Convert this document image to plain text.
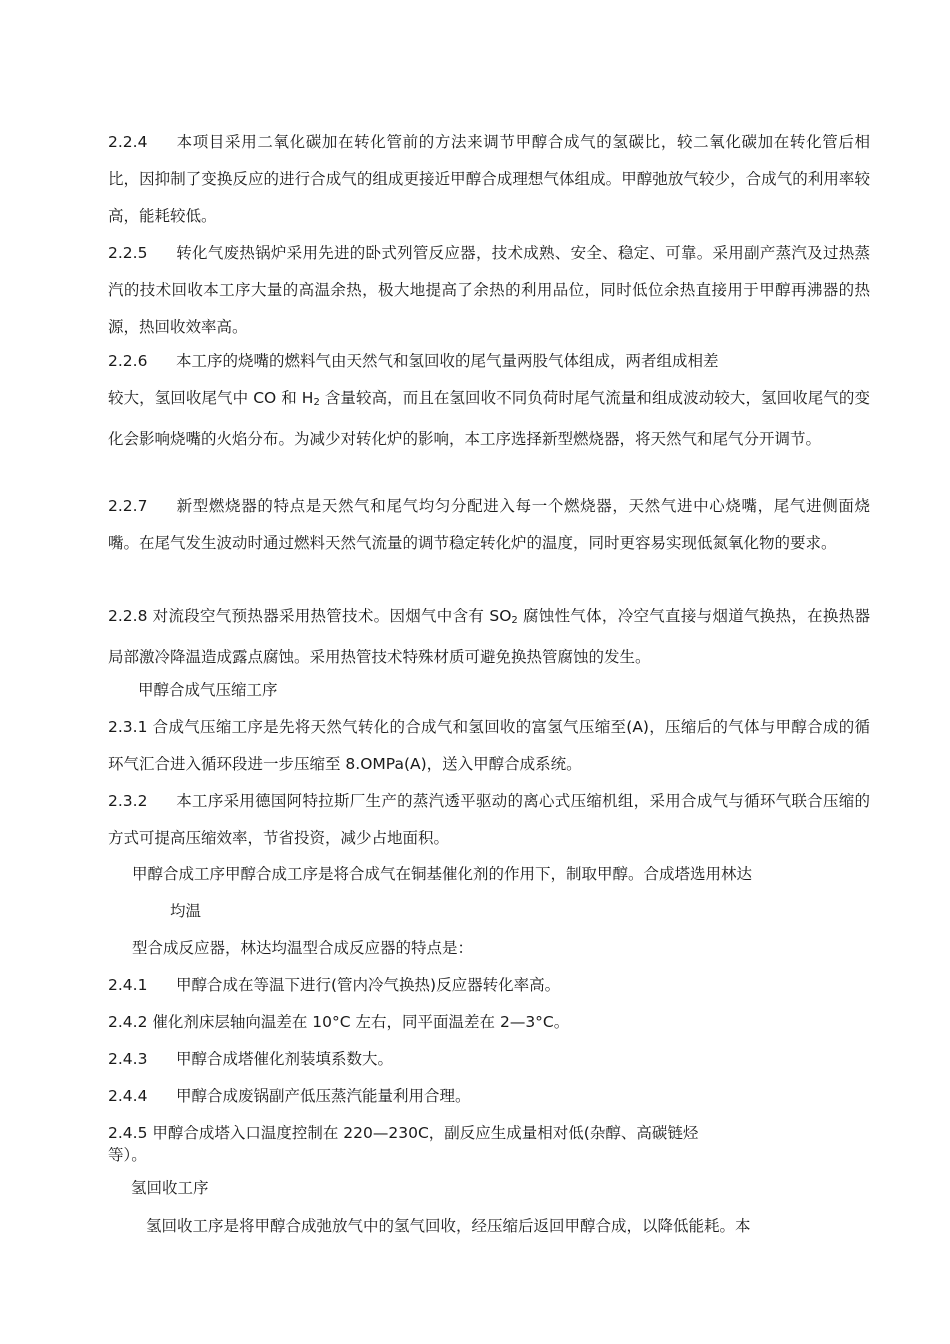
2.2.4 本项目采用二氧化碳加在转化管前的方法来调节甲醇合成气的氢碳比，较二氧化碳加在转化管后相比，因抑制了变换反应的进行合成气的组成更接近甲醇合成理想气体组成。甲醇弛放气较少，合成气的利用率较高，能耗较低。

2.2.5 转化气废热锅炉采用先进的卧式列管反应器，技术成熟、安全、稳定、可靠。采用副产蒸汽及过热蒸汽的技术回收本工序大量的高温余热，极大地提高了余热的利用品位，同时低位余热直接用于甲醇再沸器的热源，热回收效率高。

2.2.6 本工序的烧嘴的燃料气由天然气和氢回收的尾气量两股气体组成，两者组成相差
较大，氢回收尾气中 CO 和 $H_2$ 含量较高，而且在氢回收不同负荷时尾气流量和组成波动较大，氢回收尾气的变化会影响烧嘴的火焰分布。为减少对转化炉的影响，本工序选择新型燃烧器，将天然气和尾气分开调节。

2.2.7 新型燃烧器的特点是天然气和尾气均匀分配进入每一个燃烧器，天然气进中心烧嘴，尾气进侧面烧嘴。在尾气发生波动时通过燃料天然气流量的调节稳定转化炉的温度，同时更容易实现低氮氧化物的要求。

2.2.8 对流段空气预热器采用热管技术。因烟气中含有 $SO_2$ 腐蚀性气体，冷空气直接与烟道气换热，在换热器局部激冷降温造成露点腐蚀。采用热管技术特殊材质可避免换热管腐蚀的发生。

甲醇合成气压缩工序

2.3.1 合成气压缩工序是先将天然气转化的合成气和氢回收的富氢气压缩至(A)，压缩后的气体与甲醇合成的循环气汇合进入循环段进一步压缩至 8.OMPa(A)，送入甲醇合成系统。

2.3.2 本工序采用德国阿特拉斯厂生产的蒸汽透平驱动的离心式压缩机组，采用合成气与循环气联合压缩的方式可提高压缩效率，节省投资，减少占地面积。

甲醇合成工序甲醇合成工序是将合成气在铜基催化剂的作用下，制取甲醇。合成塔选用林达

均温

型合成反应器，林达均温型合成反应器的特点是：

2.4.1 甲醇合成在等温下进行(管内冷气换热)反应器转化率高。

2.4.2 催化剂床层轴向温差在 10°C 左右，同平面温差在 2—3°C。

2.4.3 甲醇合成塔催化剂装填系数大。

2.4.4 甲醇合成废锅副产低压蒸汽能量利用合理。

2.4.5 甲醇合成塔入口温度控制在 220—230C，副反应生成量相对低(杂醇、高碳链烃
等）。

氢回收工序

氢回收工序是将甲醇合成弛放气中的氢气回收，经压缩后返回甲醇合成，以降低能耗。本
